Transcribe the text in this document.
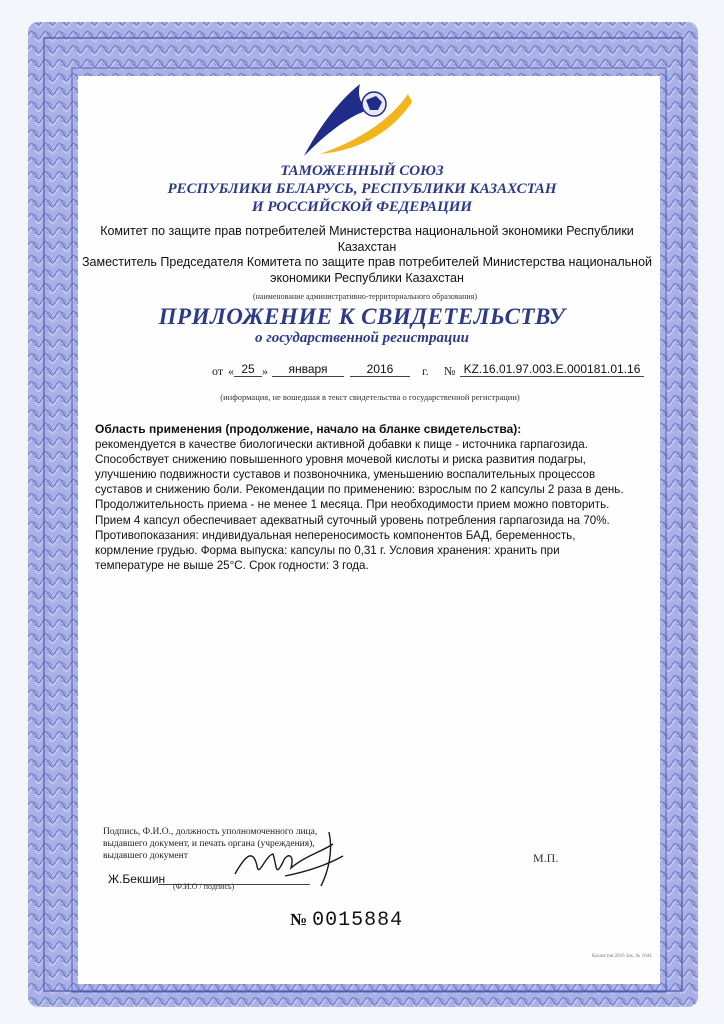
ТАМОЖЕННЫЙ СОЮЗ
РЕСПУБЛИКИ БЕЛАРУСЬ, РЕСПУБЛИКИ КАЗАХСТАН
И РОССИЙСКОЙ ФЕДЕРАЦИИ
Комитет по защите прав потребителей Министерства национальной экономики Республики
Казахстан
Заместитель Председателя Комитета по защите прав потребителей Министерства национальной
экономики Республики Казахстан
(наименование административно-территориального образования)
ПРИЛОЖЕНИЕ К СВИДЕТЕЛЬСТВУ
о государственной регистрации
от « 25 »	января	2016	г. № KZ.16.01.97.003.E.000181.01.16
(информация, не вошедшая в текст свидетельства о государственной регистрации)
Область применения (продолжение, начало на бланке свидетельства):
рекомендуется в качестве биологически активной добавки к пище - источника гарпагозида.
Способствует снижению повышенного уровня мочевой кислоты и риска развития подагры,
улучшению подвижности суставов и позвоночника, уменьшению воспалительных процессов
суставов и снижению боли. Рекомендации по применению: взрослым по 2 капсулы 2 раза в день.
Продолжительность приема - не менее 1 месяца. При необходимости прием можно повторить.
Прием 4 капсул обеспечивает адекватный суточный уровень потребления гарпагозида на 70%.
Противопоказания: индивидуальная непереносимость компонентов БАД, беременность,
кормление грудью. Форма выпуска: капсулы по 0,31 г. Условия хранения: хранить при
температуре не выше 25°С. Срок годности: 3 года.
Подпись, Ф.И.О., должность уполномоченного лица,
выдавшего документ, и печать органа (учреждения),
выдавшего документ
Ж.Бекшин
(Ф.И.О / подпись)
М.П.
№ 0015884
Казахстан 2016 Зак. № 1044
